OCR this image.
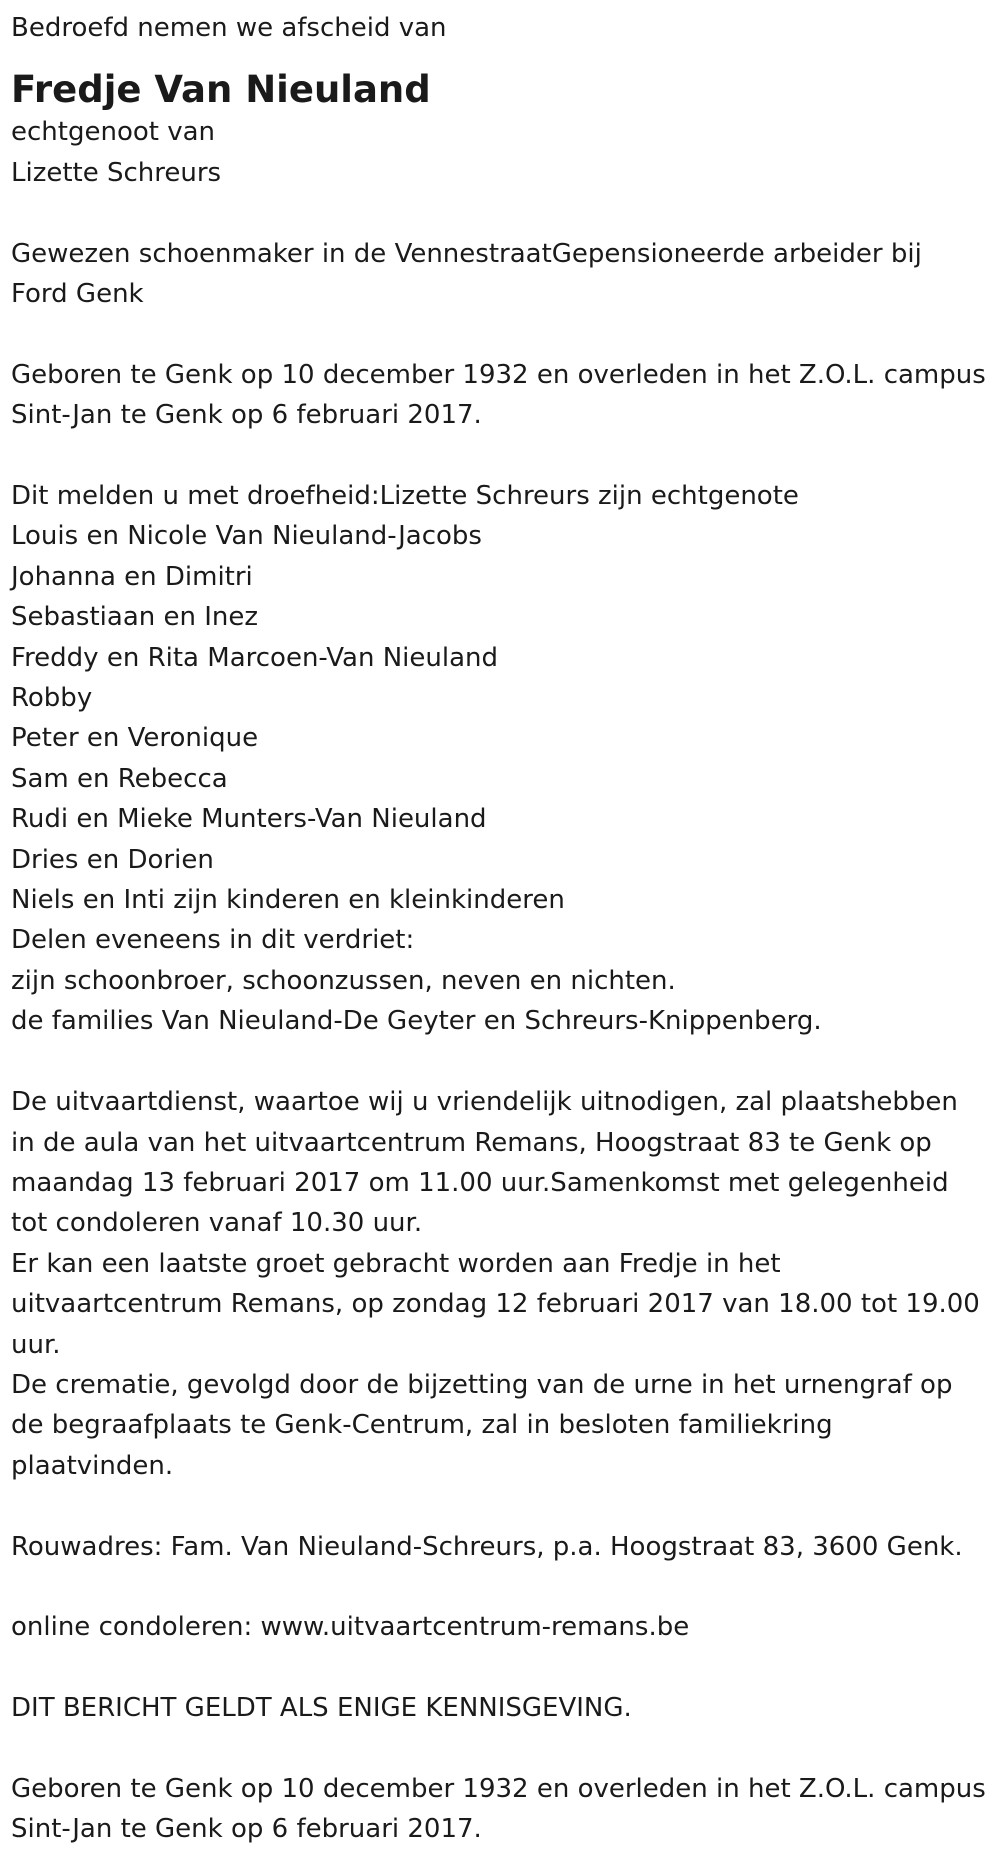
Bedroefd nemen we afscheid van

Fredje Van Nieuland

echtgenoot van

Lizette Schreurs

Gewezen schoenmaker in de VennestraatGepensioneerde arbeider bij

Ford Genk

Geboren te Genk op 10 december 1932 en overleden in het Z.O.L. campus

Sint-Jan te Genk op 6 februari 2017.

Dit melden u met droefheid:Lizette Schreurs zijn echtgenote

Louis en Nicole Van Nieuland-Jacobs

Johanna en Dimitri

Sebastiaan en Inez

Freddy en Rita Marcoen-Van Nieuland

Robby

Peter en Veronique

Sam en Rebecca

Rudi en Mieke Munters-Van Nieuland

Dries en Dorien

Niels en Inti zijn kinderen en kleinkinderen

Delen eveneens in dit verdriet:

zijn schoonbroer, schoonzussen, neven en nichten.

de families Van Nieuland-De Geyter en Schreurs-Knippenberg.

De uitvaartdienst, waartoe wij u vriendelijk uitnodigen, zal plaatshebben

in de aula van het uitvaartcentrum Remans, Hoogstraat 83 te Genk op

maandag 13 februari 2017 om 11.00 uur.Samenkomst met gelegenheid

tot condoleren vanaf 10.30 uur.

Er kan een laatste groet gebracht worden aan Fredje in het

uitvaartcentrum Remans, op zondag 12 februari 2017 van 18.00 tot 19.00

uur.

De crematie, gevolgd door de bijzetting van de urne in het urnengraf op

de begraafplaats te Genk-Centrum, zal in besloten familiekring

plaatvinden.

Rouwadres: Fam. Van Nieuland-Schreurs, p.a. Hoogstraat 83, 3600 Genk.

online condoleren: www.uitvaartcentrum-remans.be

DIT BERICHT GELDT ALS ENIGE KENNISGEVING.

Geboren te Genk op 10 december 1932 en overleden in het Z.O.L. campus

Sint-Jan te Genk op 6 februari 2017.
